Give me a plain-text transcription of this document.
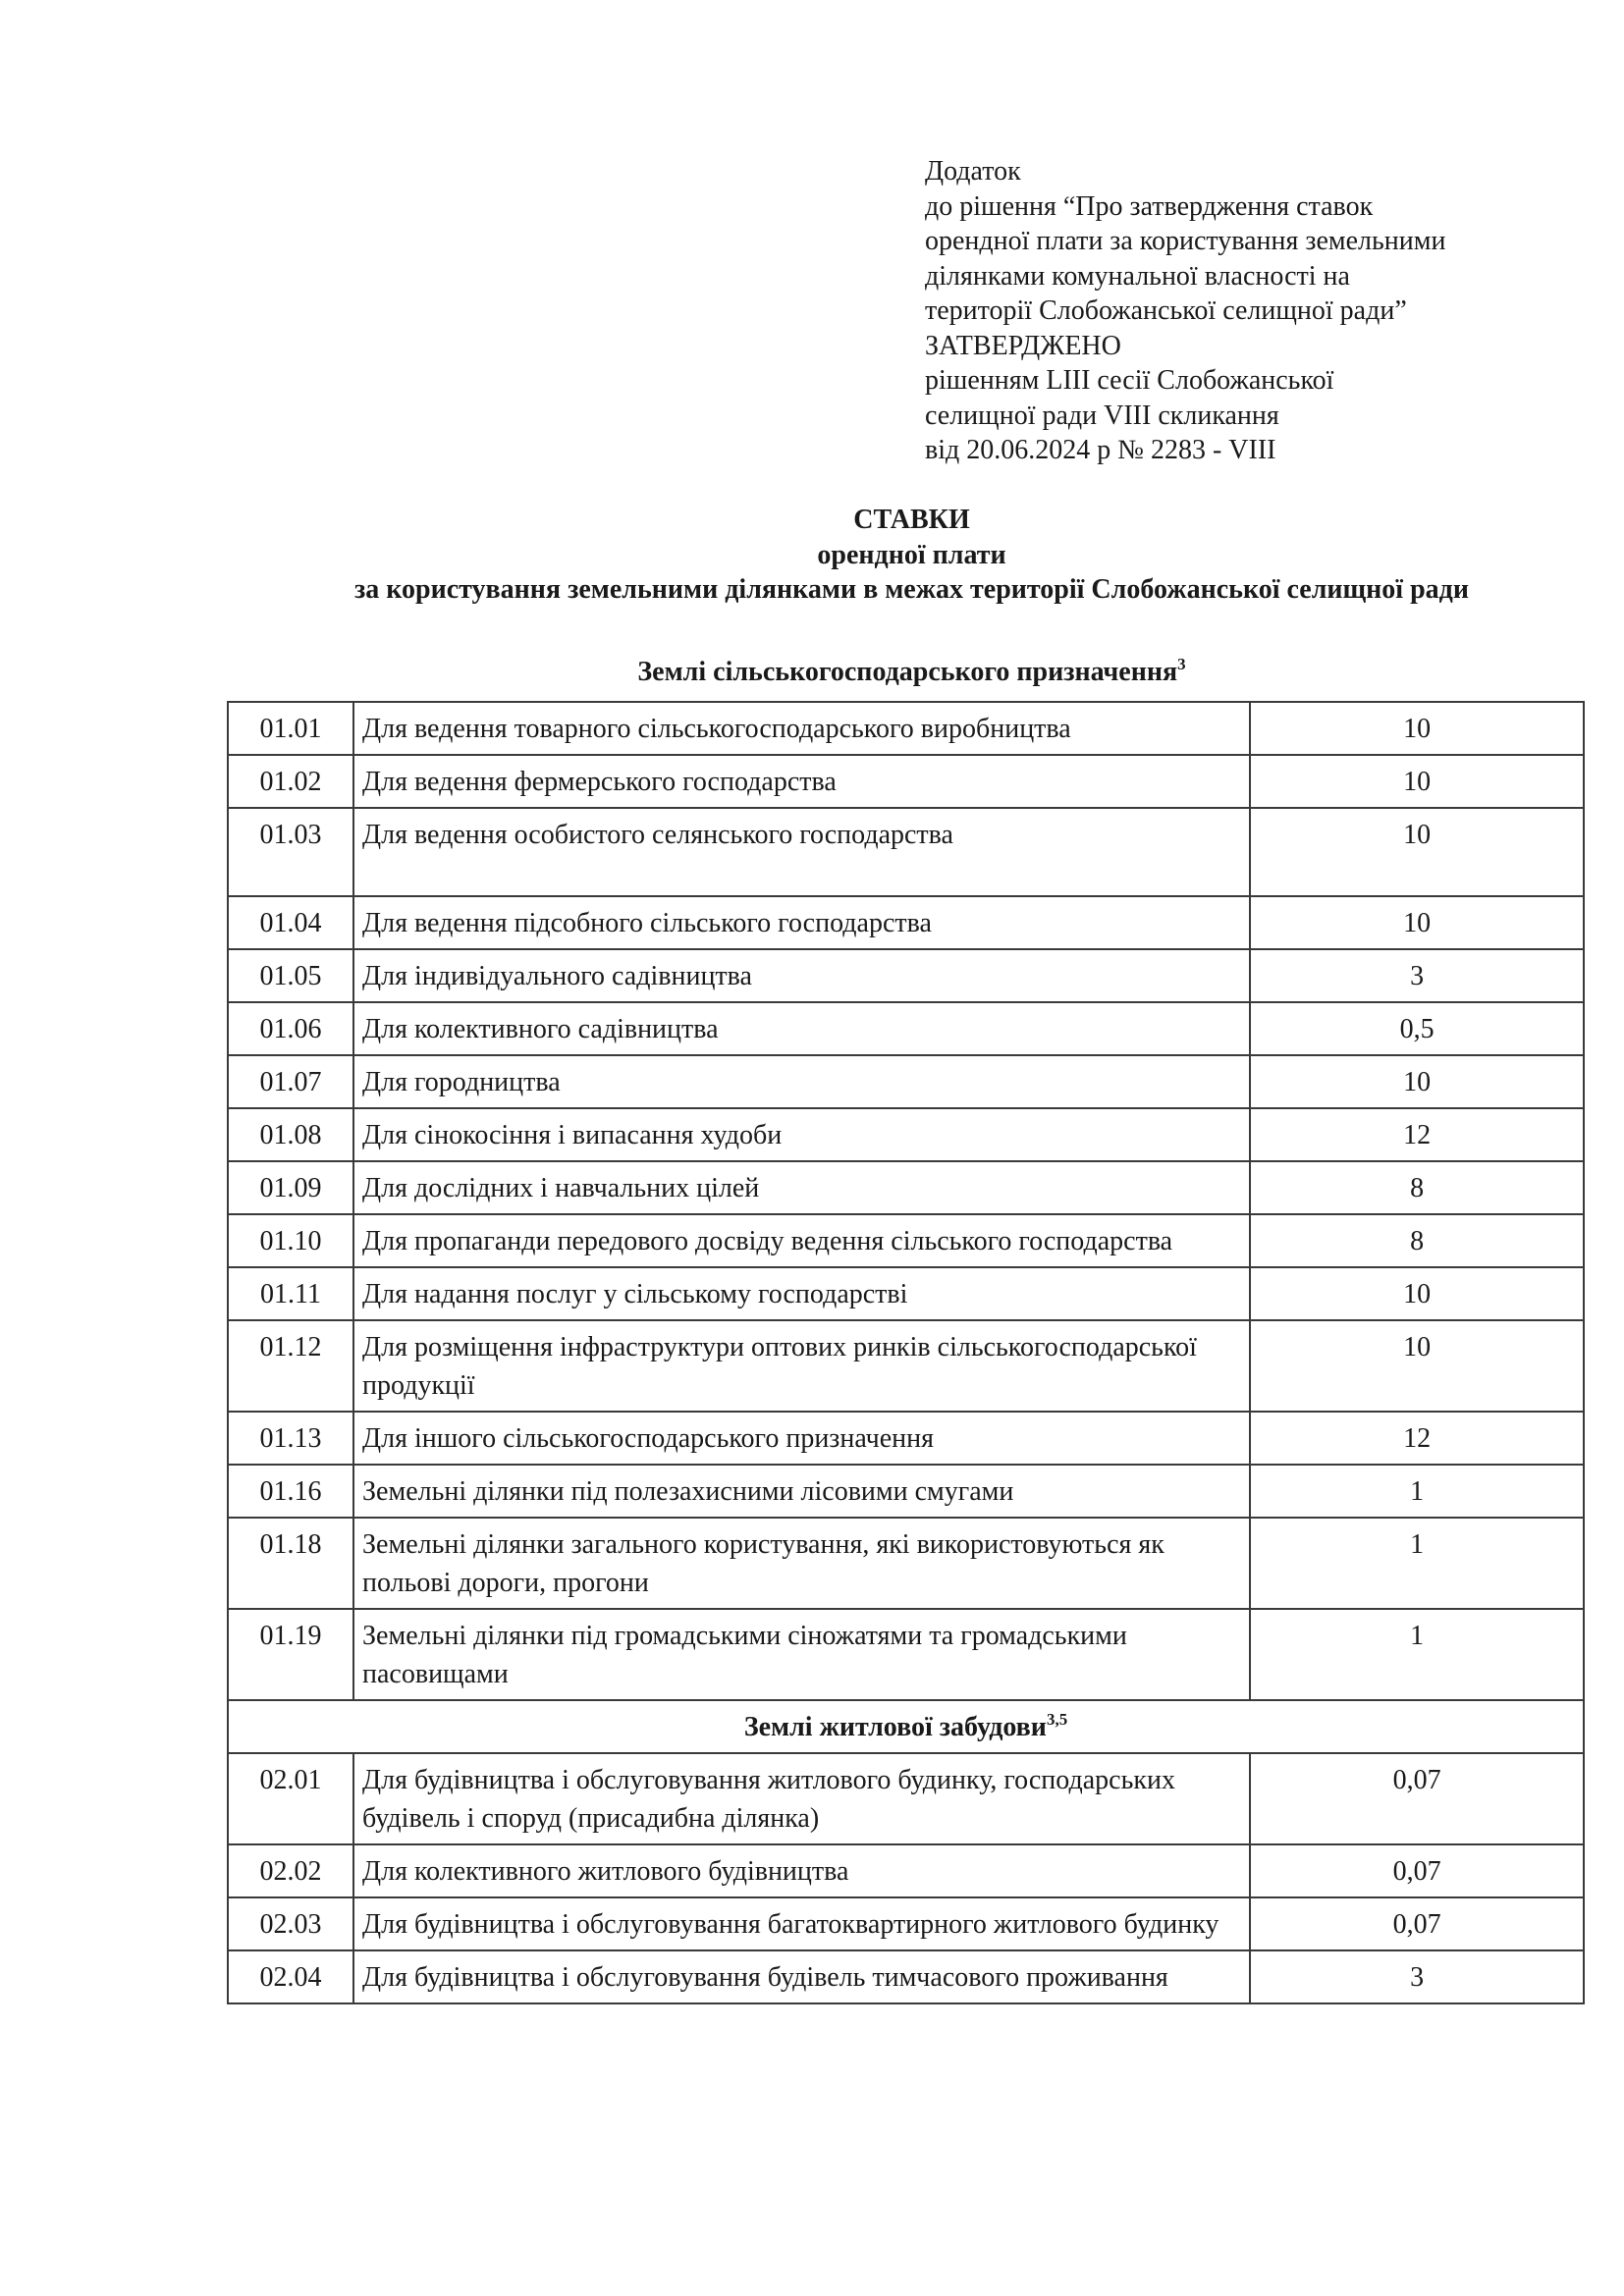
Додаток
до рішення “Про затвердження ставок
орендної плати за користування земельними
ділянками комунальної власності на
території Слобожанської селищної ради”
ЗАТВЕРДЖЕНО
рішенням LIII сесії Слобожанської
селищної ради VIII скликання
від 20.06.2024 р № 2283 - VIII
СТАВКИ
орендної плати
за користування земельними ділянками в межах території Слобожанської селищної ради
Землі сільськогосподарського призначення$^3$
01.01	Для ведення товарного сільськогосподарського виробництва	10
01.02	Для ведення фермерського господарства	10
01.03	Для ведення особистого селянського господарства	10
01.04	Для ведення підсобного сільського господарства	10
01.05	Для індивідуального садівництва	3
01.06	Для колективного садівництва	0,5
01.07	Для городництва	10
01.08	Для сінокосіння і випасання худоби	12
01.09	Для дослідних і навчальних цілей	8
01.10	Для пропаганди передового досвіду ведення сільського господарства	8
01.11	Для надання послуг у сільському господарстві	10
01.12	Для розміщення інфраструктури оптових ринків сільськогосподарської продукції	10
01.13	Для іншого сільськогосподарського призначення	12
01.16	Земельні ділянки під полезахисними лісовими смугами	1
01.18	Земельні ділянки загального користування, які використовуються як польові дороги, прогони	1
01.19	Земельні ділянки під громадськими сіножатями та громадськими пасовищами	1
Землі житлової забудови$^{3,5}$
02.01	Для будівництва і обслуговування житлового будинку, господарських будівель і споруд (присадибна ділянка)	0,07
02.02	Для колективного житлового будівництва	0,07
02.03	Для будівництва і обслуговування багатоквартирного житлового будинку	0,07
02.04	Для будівництва і обслуговування будівель тимчасового проживання	3
